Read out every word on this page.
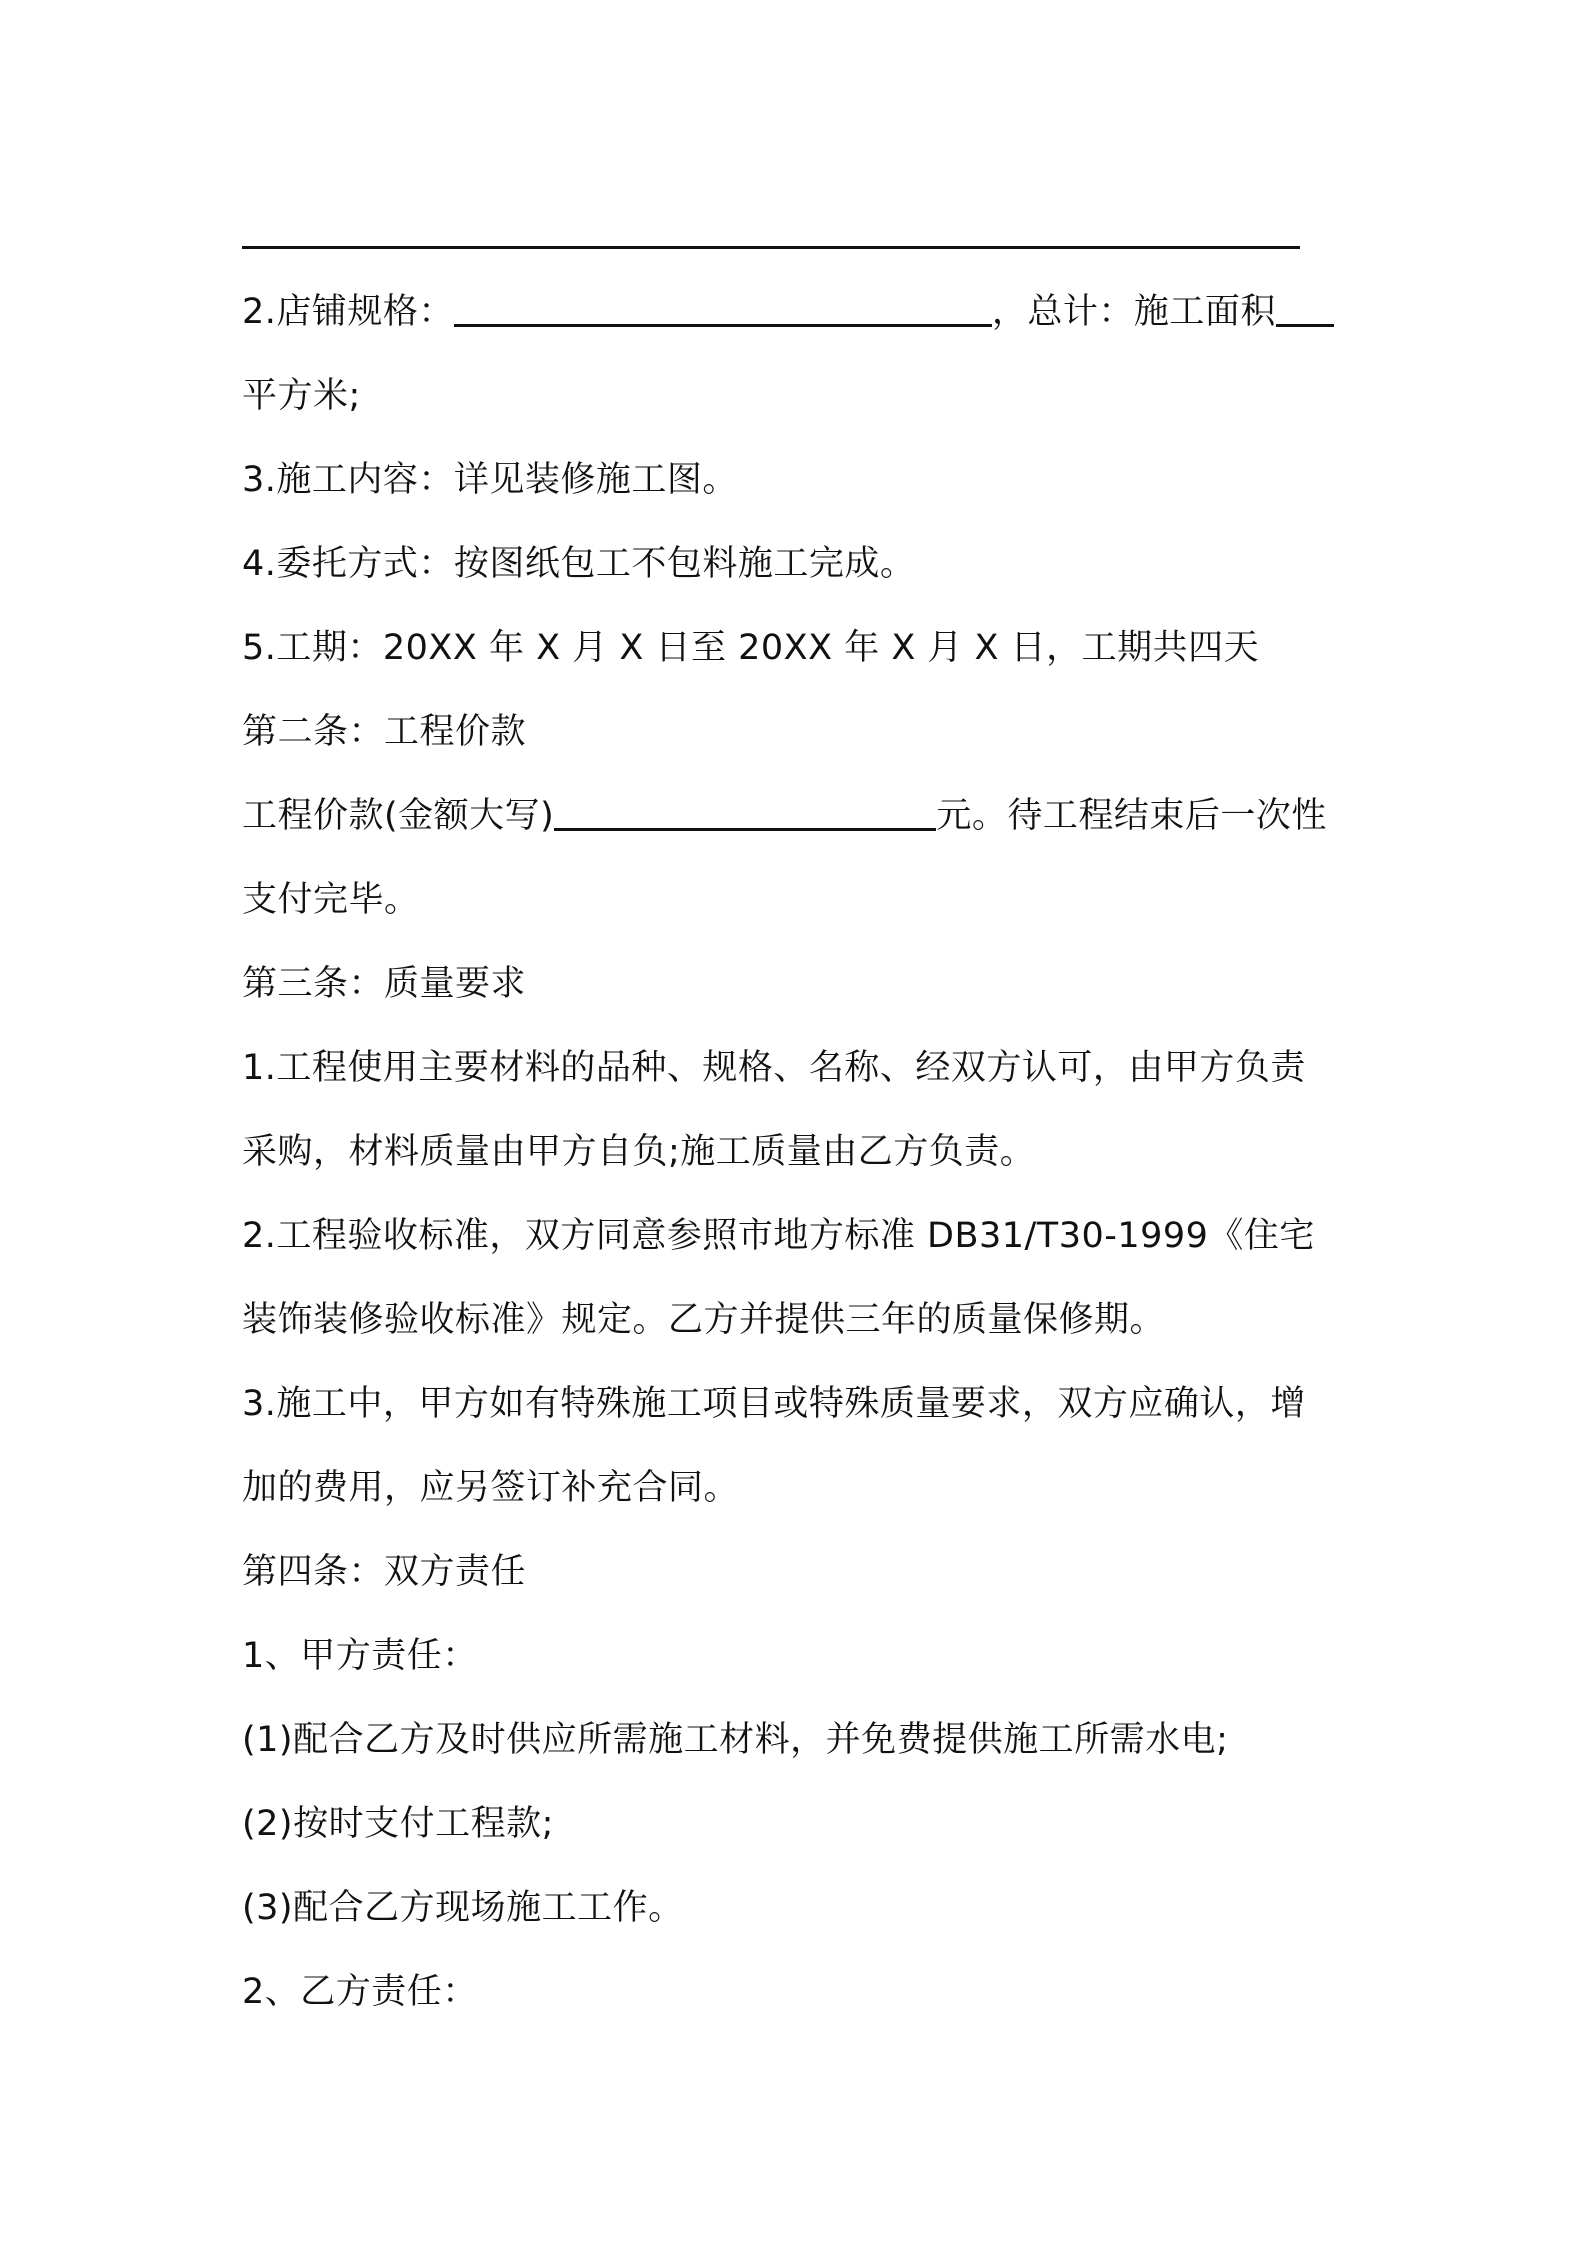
2.店铺规格：	，总计：施工面积
平方米;
3.施工内容：详见装修施工图。
4.委托方式：按图纸包工不包料施工完成。
5.工期：20XX 年 X 月 X 日至 20XX 年 X 月 X 日，工期共四天
第二条：工程价款
工程价款(金额大写)	元。待工程结束后一次性
支付完毕。
第三条：质量要求
1.工程使用主要材料的品种、规格、名称、经双方认可，由甲方负责
采购，材料质量由甲方自负;施工质量由乙方负责。
2.工程验收标准，双方同意参照市地方标准 DB31/T30-1999《住宅
装饰装修验收标准》规定。乙方并提供三年的质量保修期。
3.施工中，甲方如有特殊施工项目或特殊质量要求，双方应确认，增
加的费用，应另签订补充合同。
第四条：双方责任
1、甲方责任：
(1)配合乙方及时供应所需施工材料，并免费提供施工所需水电;
(2)按时支付工程款;
(3)配合乙方现场施工工作。
2、乙方责任：
